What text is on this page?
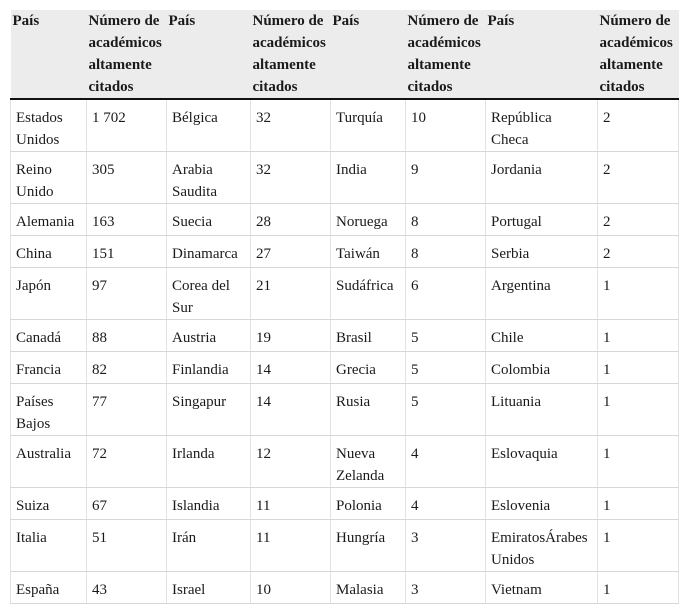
País	Número de académicos altamente citados	País	Número de académicos altamente citados	País	Número de académicos altamente citados	País	Número de académicos altamente citados
Estados Unidos	1 702	Bélgica	32	Turquía	10	República Checa	2
Reino Unido	305	Arabia Saudita	32	India	9	Jordania	2
Alemania	163	Suecia	28	Noruega	8	Portugal	2
China	151	Dinamarca	27	Taiwán	8	Serbia	2
Japón	97	Corea del Sur	21	Sudáfrica	6	Argentina	1
Canadá	88	Austria	19	Brasil	5	Chile	1
Francia	82	Finlandia	14	Grecia	5	Colombia	1
Países Bajos	77	Singapur	14	Rusia	5	Lituania	1
Australia	72	Irlanda	12	Nueva Zelanda	4	Eslovaquia	1
Suiza	67	Islandia	11	Polonia	4	Eslovenia	1
Italia	51	Irán	11	Hungría	3	EmiratosÁrabes Unidos	1
España	43	Israel	10	Malasia	3	Vietnam	1
